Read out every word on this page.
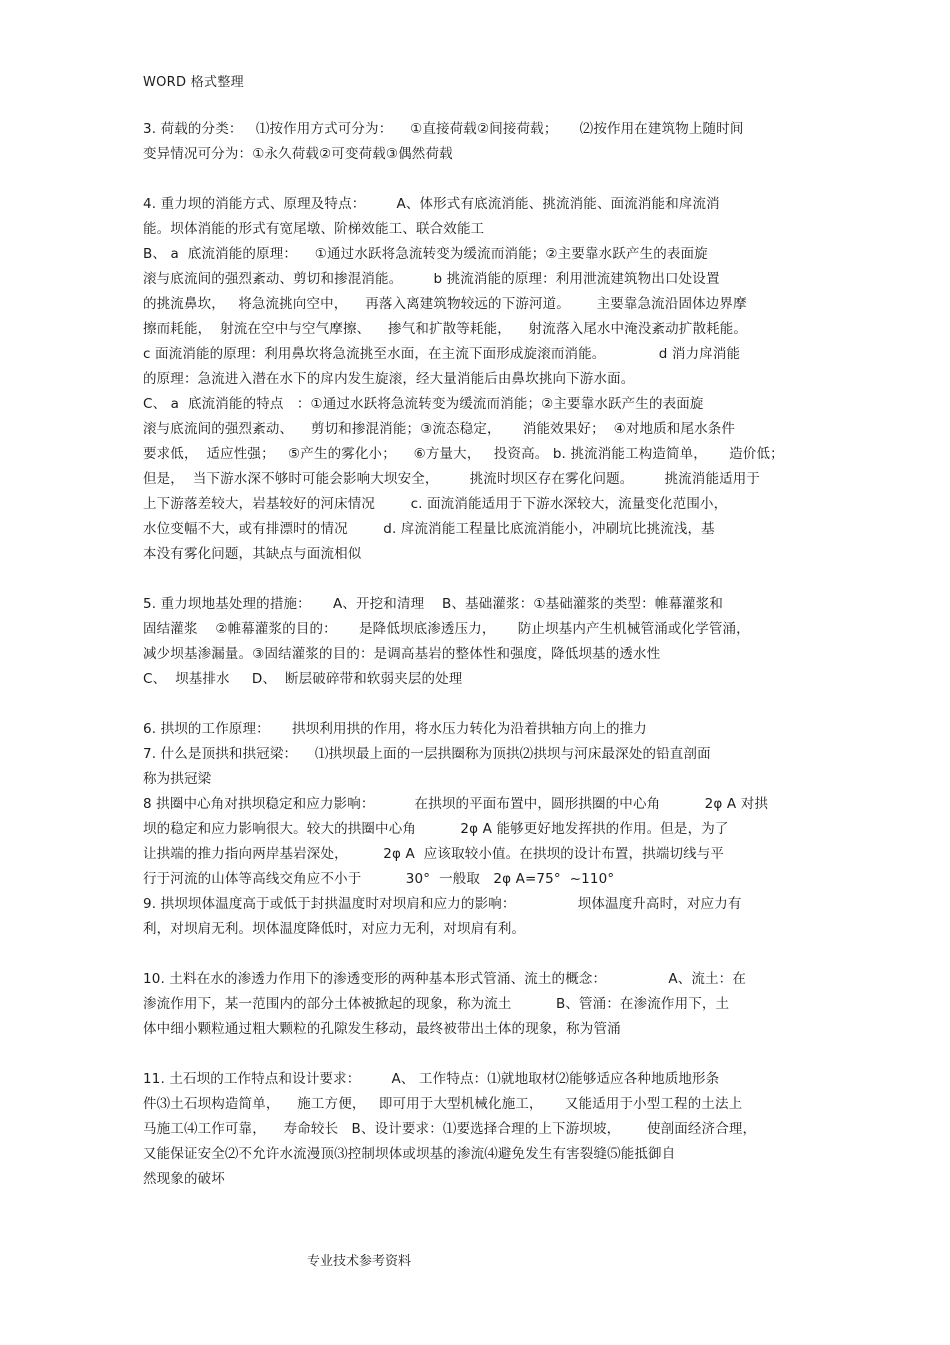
WORD 格式整理
3. 荷载的分类：   ⑴按作用方式可分为：    ①直接荷载②间接荷载；     ⑵按作用在建筑物上随时间
变异情况可分为：①永久荷载②可变荷载③偶然荷载
4. 重力坝的消能方式、原理及特点：       A、体形式有底流消能、挑流消能、面流消能和戽流消
能。坝体消能的形式有宽尾墩、阶梯效能工、联合效能工
B、 a  底流消能的原理：    ①通过水跃将急流转变为缓流而消能；②主要靠水跃产生的表面旋
滚与底流间的强烈紊动、剪切和掺混消能。       b 挑流消能的原理：利用泄流建筑物出口处设置
的挑流鼻坎，   将急流挑向空中，    再落入离建筑物较远的下游河道。      主要靠急流沿固体边界摩
擦而耗能，  射流在空中与空气摩擦、    掺气和扩散等耗能，    射流落入尾水中淹没紊动扩散耗能。
c 面流消能的原理：利用鼻坎将急流挑至水面，在主流下面形成旋滚而消能。            d 消力戽消能
的原理：急流进入潜在水下的戽内发生旋滚，经大量消能后由鼻坎挑向下游水面。
C、 a  底流消能的特点   ：①通过水跃将急流转变为缓流而消能；②主要靠水跃产生的表面旋
滚与底流间的强烈紊动、    剪切和掺混消能；③流态稳定，     消能效果好；  ④对地质和尾水条件
要求低，  适应性强；   ⑤产生的雾化小；    ⑥方量大，   投资高。 b. 挑流消能工构造简单，     造价低；
但是，  当下游水深不够时可能会影响大坝安全，       挑流时坝区存在雾化问题。       挑流消能适用于
上下游落差较大，岩基较好的河床情况        c. 面流消能适用于下游水深较大，流量变化范围小，
水位变幅不大，或有排漂时的情况        d. 戽流消能工程量比底流消能小，冲刷坑比挑流浅，基
本没有雾化问题，其缺点与面流相似
5. 重力坝地基处理的措施：     A、开挖和清理    B、基础灌浆：①基础灌浆的类型：帷幕灌浆和
固结灌浆    ②帷幕灌浆的目的：     是降低坝底渗透压力，     防止坝基内产生机械管涌或化学管涌，
减少坝基渗漏量。③固结灌浆的目的：是调高基岩的整体性和强度，降低坝基的透水性
C、  坝基排水     D、  断层破碎带和软弱夹层的处理
6. 拱坝的工作原理：     拱坝利用拱的作用，将水压力转化为沿着拱轴方向上的推力
7. 什么是顶拱和拱冠梁：    ⑴拱坝最上面的一层拱圈称为顶拱⑵拱坝与河床最深处的铅直剖面
称为拱冠梁
8 拱圈中心角对拱坝稳定和应力影响：         在拱坝的平面布置中，圆形拱圈的中心角          2φ A 对拱
坝的稳定和应力影响很大。较大的拱圈中心角          2φ A 能够更好地发挥拱的作用。但是，为了
让拱端的推力指向两岸基岩深处，        2φ A  应该取较小值。在拱坝的设计布置，拱端切线与平
行于河流的山体等高线交角应不小于          30°  一般取   2φ A=75°  ~110°
9. 拱坝坝体温度高于或低于封拱温度时对坝肩和应力的影响：              坝体温度升高时，对应力有
利，对坝肩无利。坝体温度降低时，对应力无利，对坝肩有利。
10. 土料在水的渗透力作用下的渗透变形的两种基本形式管涌、流土的概念：              A、流土：在
渗流作用下，某一范围内的部分土体被掀起的现象，称为流土          B、管涌：在渗流作用下，土
体中细小颗粒通过粗大颗粒的孔隙发生移动，最终被带出土体的现象，称为管涌
11. 土石坝的工作特点和设计要求：       A、 工作特点：⑴就地取材⑵能够适应各种地质地形条
件⑶土石坝构造简单，    施工方便，   即可用于大型机械化施工，     又能适用于小型工程的土法上
马施工⑷工作可靠，    寿命较长   B、设计要求：⑴要选择合理的上下游坝坡，      使剖面经济合理，
又能保证安全⑵不允许水流漫顶⑶控制坝体或坝基的渗流⑷避免发生有害裂缝⑸能抵御自
然现象的破坏
专业技术参考资料
